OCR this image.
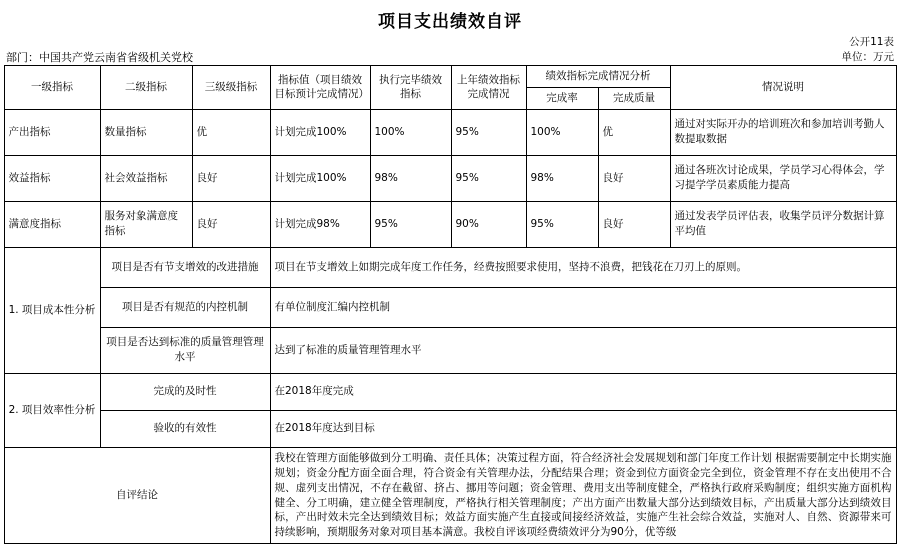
项目支出绩效自评
公开11表
部门：中国共产党云南省省级机关党校	单位：万元
一级指标	二级指标	三级级指标	指标值（项目绩效目标预计完成情况）	执行完毕绩效指标	上年绩效指标完成情况	绩效指标完成情况分析		情况说明
						完成率	完成质量	
产出指标	数量指标	优	计划完成100%	100%	95%	100%	优	通过对实际开办的培训班次和参加培训考勤人数提取数据
效益指标	社会效益指标	良好	计划完成100%	98%	95%	98%	良好	通过各班次讨论成果，学员学习心得体会，学习提学学员素质能力提高
满意度指标	服务对象满意度指标	良好	计划完成98%	95%	90%	95%	良好	通过发表学员评估表，收集学员评分数据计算平均值
1. 项目成本性分析	项目是否有节支增效的改进措施		项目在节支增效上如期完成年度工作任务，经费按照要求使用，坚持不浪费，把钱花在刀刃上的原则。					
	项目是否有规范的内控机制		有单位制度汇编内控机制					
	项目是否达到标准的质量管理管理水平		达到了标准的质量管理管理水平					
2. 项目效率性分析	完成的及时性		在2018年度完成					
	验收的有效性		在2018年度达到目标					
自评结论			我校在管理方面能够做到分工明确、责任具体；决策过程方面，符合经济社会发展规划和部门年度工作计划 根据需要制定中长期实施规划；资金分配方面全面合理，符合资金有关管理办法，分配结果合理；资金到位方面资金完全到位，资金管理不存在支出使用不合规、虚列支出情况，不存在截留、挤占、挪用等问题；资金管理、费用支出等制度健全，严格执行政府采购制度；组织实施方面机构健全、分工明确，建立健全管理制度，严格执行相关管理制度；产出方面产出数量大部分达到绩效目标，产出质量大部分达到绩效目标，产出时效未完全达到绩效目标；效益方面实施产生直接或间接经济效益，实施产生社会综合效益，实施对人、自然、资源带来可持续影响，预期服务对象对项目基本满意。我校自评该项经费绩效评分为90分，优等级					
